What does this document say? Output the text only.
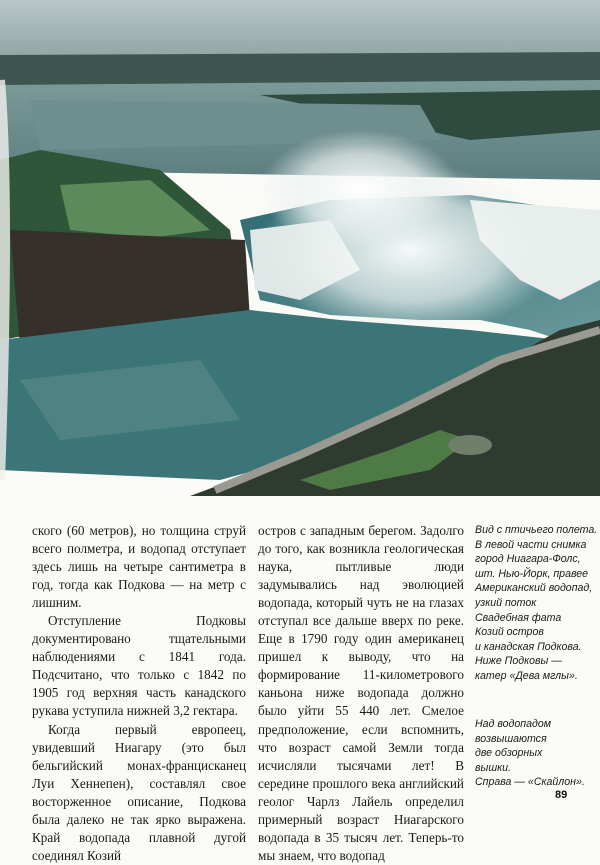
ского (60 метров), но толщина струй всего полметра, и водопад отступает здесь лишь на четыре сантиметра в год, тогда как Подкова — на метр с лишним.

Отступление Подковы документировано тщательными наблюдениями с 1841 года. Подсчитано, что только с 1842 по 1905 год верхняя часть канадского рукава уступила нижней 3,2 гектара.

Когда первый европеец, увидевший Ниагару (это был бельгийский монах-францисканец Луи Хеннепен), составлял свое восторженное описание, Подкова была далеко не так ярко выражена. Край водопада плавной дугой соединял Козий

остров с западным берегом. Задолго до того, как возникла геологическая наука, пытливые люди задумывались над эволюцией водопада, который чуть не на глазах отступал все дальше вверх по реке. Еще в 1790 году один американец пришел к выводу, что на формирование 11-километрового каньона ниже водопада должно было уйти 55 440 лет. Смелое предположение, если вспомнить, что возраст самой Земли тогда исчисляли тысячами лет! В середине прошлого века английский геолог Чарлз Лайель определил примерный возраст Ниагарского водопада в 35 тысяч лет. Теперь-то мы знаем, что водопад

Вид с птичьего полета.
В левой части снимка
город Ниагара-Фолс,
шт. Нью-Йорк, правее
Американский водопад,
узкий поток
Свадебная фата
Козий остров
и канадская Подкова.
Ниже Подковы —
катер «Дева мглы».
Над водопадом
возвышаются
две обзорных
вышки.
Справа — «Скайлон».
89
